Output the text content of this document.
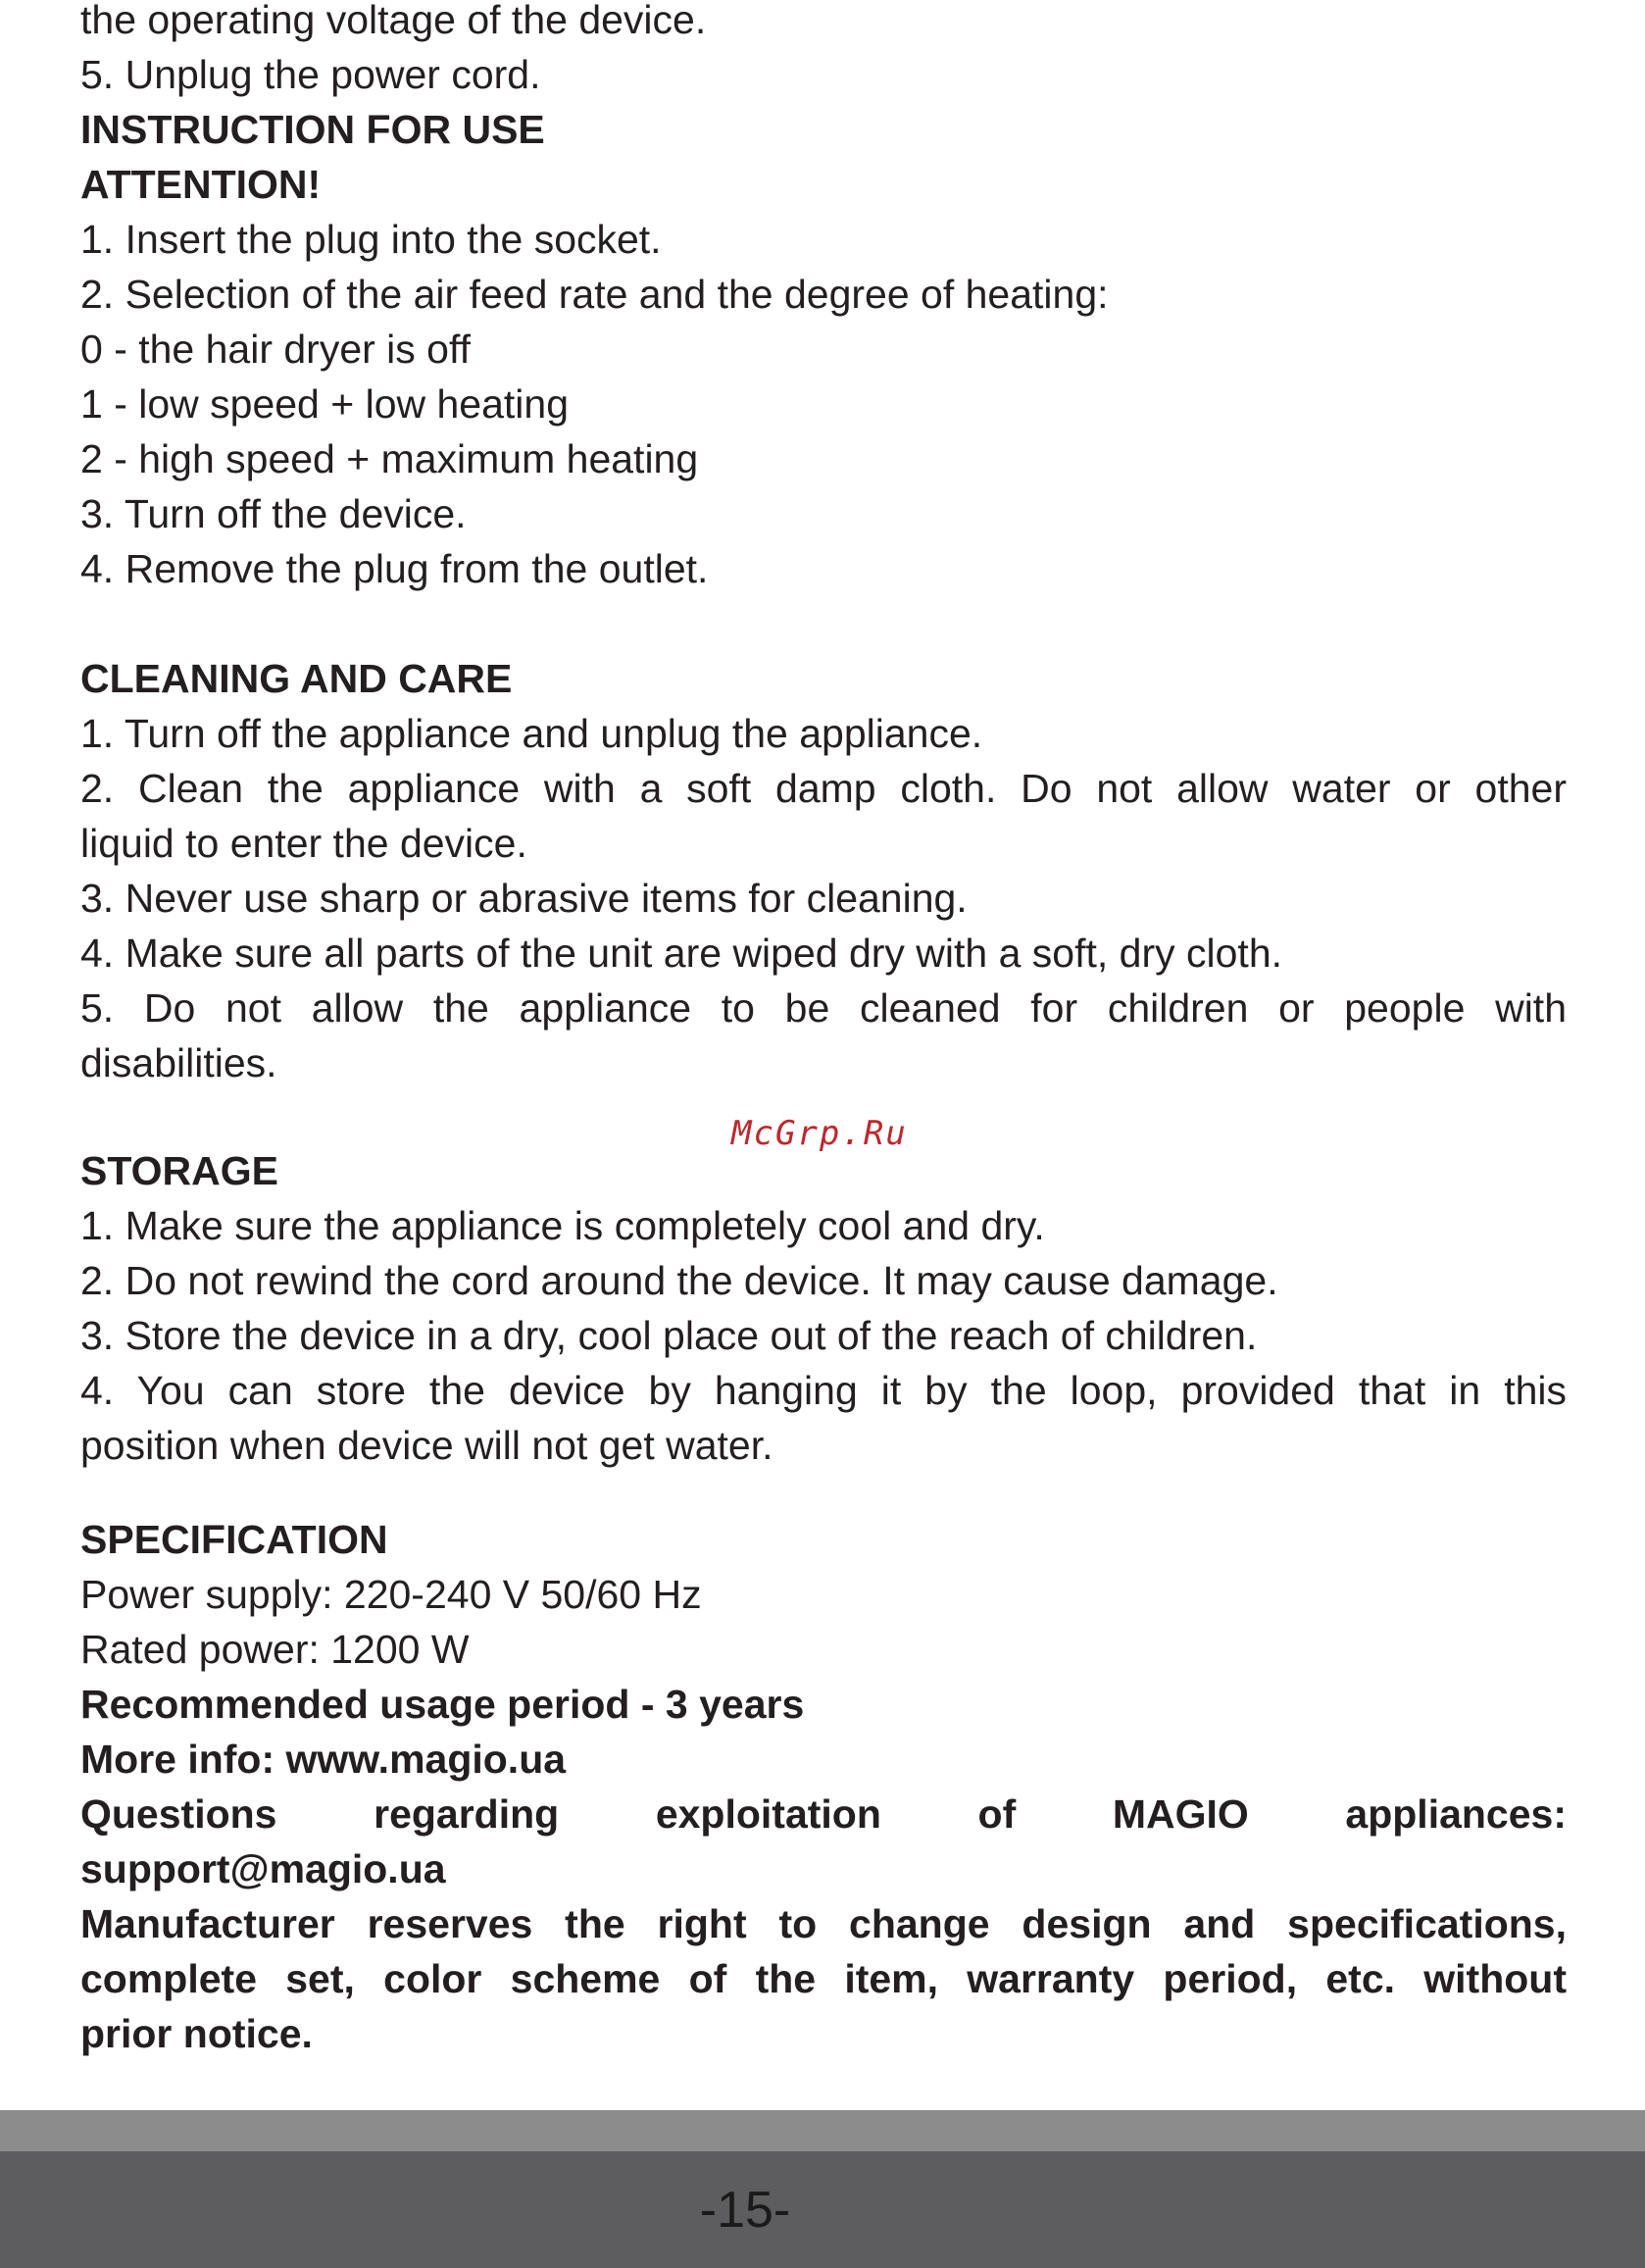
the operating voltage of the device.
5. Unplug the power cord.
INSTRUCTION FOR USE
ATTENTION!
1. Insert the plug into the socket.
2. Selection of the air feed rate and the degree of heating:
0 - the hair dryer is off
1 - low speed + low heating
2 - high speed + maximum heating
3. Turn off the device.
4. Remove the plug from the outlet.
CLEANING AND CARE
1. Turn off the appliance and unplug the appliance.
2. Clean the appliance with a soft damp cloth. Do not allow water or other
liquid to enter the device.
3. Never use sharp or abrasive items for cleaning.
4. Make sure all parts of the unit are wiped dry with a soft, dry cloth.
5. Do not allow the appliance to be cleaned for children or people with
disabilities.
STORAGE
1. Make sure the appliance is completely cool and dry.
2. Do not rewind the cord around the device. It may cause damage.
3. Store the device in a dry, cool place out of the reach of children.
4. You can store the device by hanging it by the loop, provided that in this
position when device will not get water.
SPECIFICATION
Power supply: 220-240 V 50/60 Hz
Rated power: 1200 W
Recommended usage period - 3 years
More info: www.magio.ua
Questions regarding exploitation of MAGIO appliances:
support@magio.ua
Manufacturer reserves the right to change design and specifications,
complete set, color scheme of the item, warranty period, etc. without
prior notice.
McGrp.Ru
-15-
